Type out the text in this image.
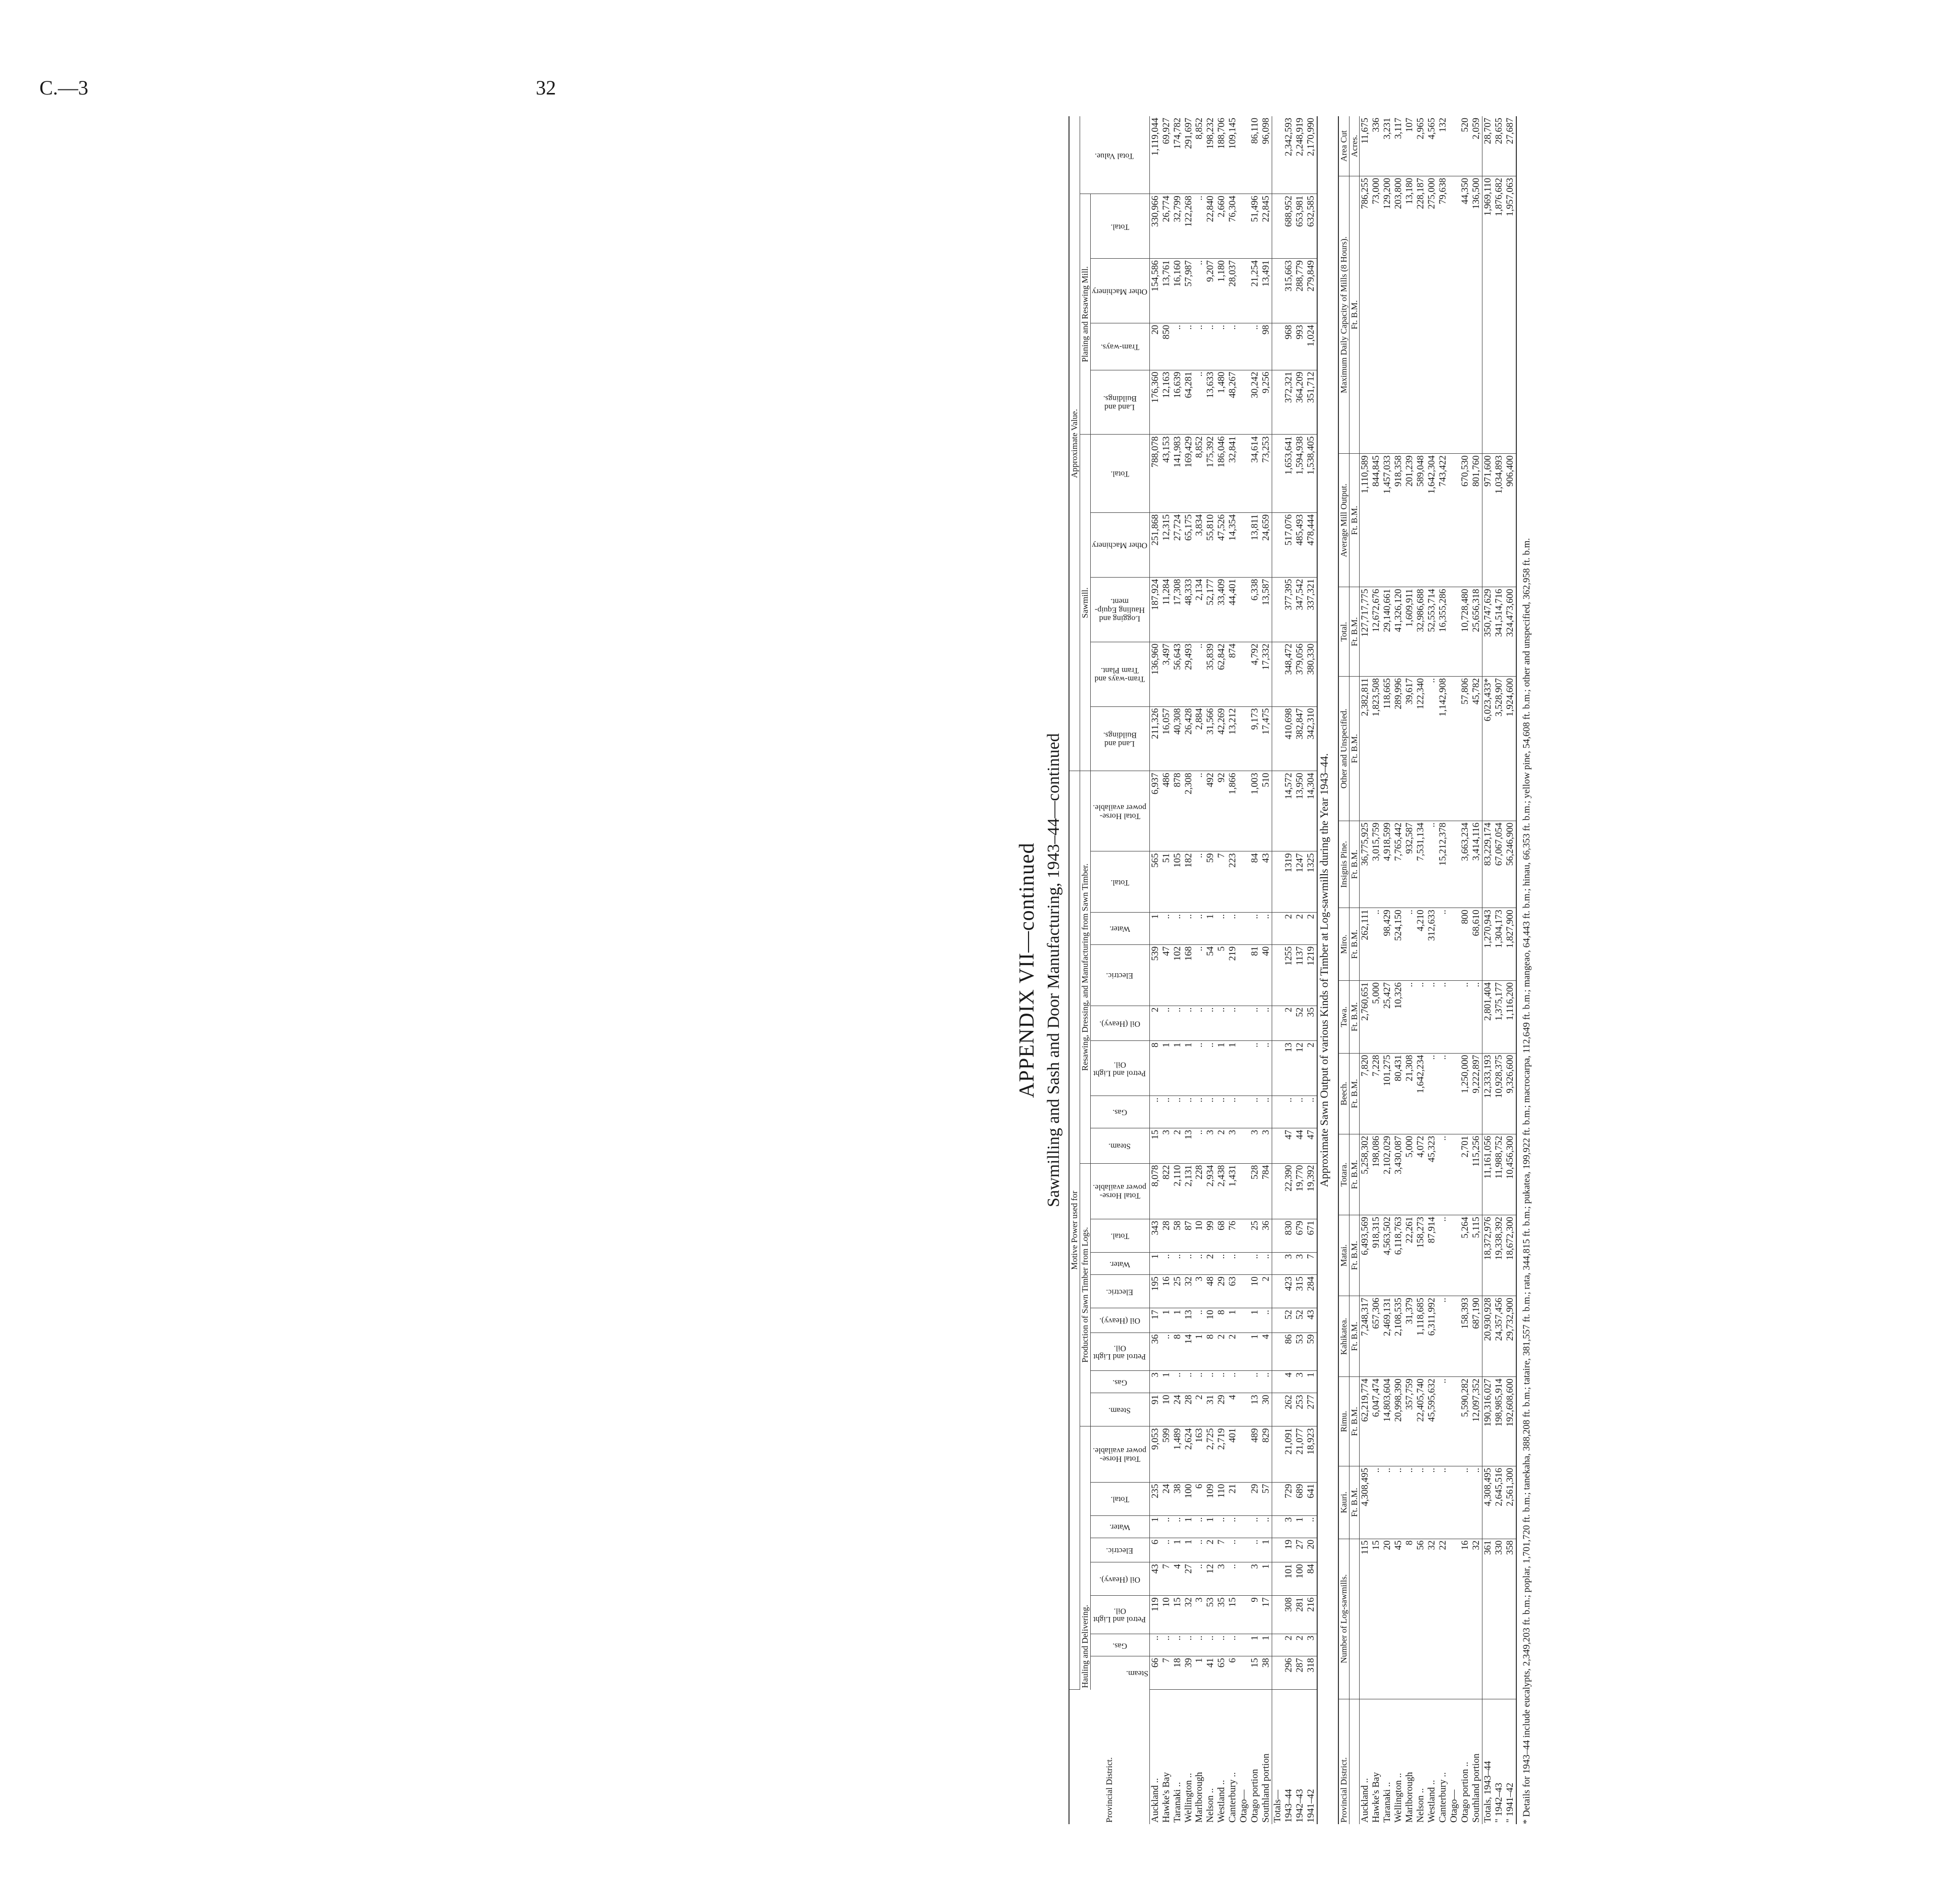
C.—3	32

APPENDIX VII—continued Sawmilling and Sash and Door Manufacturing, 1943–44—continued

Provincial District.	Motive Power used for																								Approximate Value.									
	Hauling and Delivering.								Production of Sawn Timber from Logs.								Resawing, Dressing, and Manufacturing from Sawn Timber.								Sawmill.					Planing and Resawing Mill.				Total Value.
	Steam.	Gas.	Petrol and Light Oil.	Oil (Heavy).	Electric.	Water.	Total.	Total Horse-power available.	Steam.	Gas.	Petrol and Light Oil.	Oil (Heavy).	Electric.	Water.	Total.	Total Horse-power available.	Steam.	Gas.	Petrol and Light Oil.	Oil (Heavy).	Electric.	Water.	Total.	Total Horse-power available.	Land and Buildings.	Tram-ways and Tram Plant.	Logging and Hauling Equip-ment.	Other Machinery	Total.	Land and Buildings.	Tram-ways.	Other Machinery	Total.	
Auckland ..	66	..	119	43	6	1	235	9,053	91	3	36	17	195	1	343	8,078	15	..	8	2	539	1	565	6,937	211,326	136,960	187,924	251,868	788,078	176,360	20	154,586	330,966	1,119,044
Hawke's Bay	7	..	10	7	..	..	24	599	10	1	..	1	16	..	28	822	3	..	1	..	47	..	51	486	16,057	3,497	11,284	12,315	43,153	12,163	850	13,761	26,774	69,927
Taranaki ..	18	..	15	4	1	..	38	1,489	24	..	8	1	25	..	58	2,110	2	..	1	..	102	..	105	878	40,308	56,643	17,308	27,724	141,983	16,639	..	16,160	32,799	174,782
Wellington ..	39	..	32	27	1	1	100	2,624	28	..	14	13	32	..	87	2,131	13	..	1	..	168	..	182	2,308	26,428	29,493	48,333	65,175	169,429	64,281	..	57,987	122,268	291,697
Marlborough	1	..	3	..	..	..	6	163	2	..	1	..	3	..	10	228	..	..	..	..	..	..	..	..	2,884	..	2,134	3,834	8,852	..	..	..	..	8,852
Nelson ..	41	..	53	12	2	1	109	2,725	31	..	8	10	48	2	99	2,934	3	..	..	..	54	1	59	492	31,566	35,839	52,177	55,810	175,392	13,633	..	9,207	22,840	198,232
Westland ..	65	..	35	3	7	..	110	2,719	29	..	2	8	29	..	68	2,438	2	..	1	..	5	..	7	92	42,269	62,842	33,409	47,526	186,046	1,480	..	1,180	2,660	188,706
Canterbury ..	6	..	15	..	..	..	21	401	4	..	2	1	63	..	76	1,431	3	..	1	..	219	..	223	1,866	13,212	874	44,401	14,354	32,841	48,267	..	28,037	76,304	109,145
Otago—																																		
Otago portion	15	1	9	3	..	..	29	489	13	..	1	1	10	..	25	528	3	..	..	..	81	..	84	1,003	9,173	4,792	6,338	13,811	34,614	30,242	..	21,254	51,496	86,110
Southland portion	38	1	17	1	1	..	57	829	30	..	4	..	2	..	36	784	3	..	..	..	40	..	43	510	17,475	17,332	13,587	24,659	73,253	9,256	98	13,491	22,845	96,098
Totals—																																		
1943–44	296	2	308	101	19	3	729	21,091	262	4	86	52	423	3	830	22,390	47	..	13	2	1255	2	1319	14,572	410,698	348,472	377,395	517,076	1,653,641	372,321	968	315,663	688,952	2,342,593
1942–43	287	2	281	100	27	1	689	21,077	253	3	53	52	315	3	679	19,770	44	..	12	52	1137	2	1247	13,950	382,847	379,056	347,542	485,493	1,594,938	364,209	993	288,779	653,981	2,248,919
1941–42	318	3	216	84	20	..	641	18,923	277	1	59	43	284	7	671	19,392	47	..	2	35	1219	2	1325	14,304	342,310	380,330	337,321	478,444	1,538,405	351,712	1,024	279,849	632,585	2,170,990
Approximate Sawn Output of various Kinds of Timber at Log-sawmills during the Year 1943–44.
Provincial District.	Number of Log-sawmills.	Kauri.	Rimu.	Kahikatea.	Matai.	Totara.	Beech.	Tawa.	Miro.	Insignis Pine.	Other and Unspecified.	Total.	Average Mill Output.	Maximum Daily Capacity of Mills (8 Hours).	Area Cut
		Ft. B.M.	Ft. B.M.	Ft. B.M.	Ft. B.M.	Ft. B.M.	Ft. B.M.	Ft. B.M.	Ft. B.M.	Ft. B.M.	Ft. B.M.	Ft. B.M.	Ft. B.M.	Ft. B.M.	Acres.
Auckland ..	115	4,308,495	62,219,774	7,248,317	6,493,569	5,258,302	7,820	2,760,651	262,111	36,775,925	2,382,811	127,717,775	1,110,589	786,255	11,675
Hawke's Bay	15	..	6,047,474	657,306	918,315	198,086	7,228	5,000	..	3,015,759	1,823,508	12,672,676	844,845	73,000	336
Taranaki ..	20	..	14,803,604	2,469,131	4,563,502	2,102,029	101,275	25,427	98,429	4,918,599	118,665	29,140,661	1,457,033	129,200	3,231
Wellington ..	45	..	20,998,390	2,108,535	6,118,763	3,430,087	80,431	10,326	524,150	7,765,442	289,996	41,326,120	918,358	203,800	3,117
Marlborough	8	..	357,759	31,379	22,261	5,000	21,308	..	..	932,587	39,617	1,609,911	201,239	13,180	107
Nelson ..	56	..	22,405,740	1,118,685	158,273	4,072	1,642,234	..	4,210	7,531,134	122,340	32,986,688	589,048	228,187	2,965
Westland ..	32	..	45,595,632	6,311,992	87,914	45,323	..	..	312,633	..	..	52,553,714	1,642,304	275,000	4,565
Canterbury ..	22	..	..	..	..	..	..	..	..	15,212,378	1,142,908	16,355,286	743,422	79,638	132
Otago—															
Otago portion ..	16	..	5,590,282	158,393	5,264	2,701	1,250,000	..	800	3,663,234	57,806	10,728,480	670,530	44,350	520
Southland portion	32	..	12,097,352	687,190	5,115	115,256	9,222,897	..	68,610	3,414,116	45,782	25,656,318	801,760	136,500	2,059
Totals, 1943–44	361	4,308,495	190,316,027	20,930,928	18,372,976	11,161,056	12,333,193	2,801,404	1,270,943	83,229,174	6,023,433*	350,747,629	971,600	1,969,110	28,707
" 1942–43	330	2,645,516	198,985,914	24,357,456	19,338,392	11,988,752	10,928,375	1,375,177	1,304,173	67,067,054	3,528,907	341,514,716	1,034,893	1,876,682	28,655
" 1941–42	358	2,561,300	192,608,600	29,732,900	18,672,300	10,456,300	9,326,600	1,116,200	1,827,900	56,246,900	1,924,600	324,473,600	906,400	1,957,063	27,687
* Details for 1943–44 include eucalypts, 2,349,203 ft. b.m.; poplar, 1,701,720 ft. b.m.; tanekaha, 388,208 ft. b.m.; tataire, 381,557 ft. b.m.; rata, 344,815 ft. b.m.; pukatea, 199,922 ft. b.m.; macrocarpa, 112,649 ft. b.m.; mangeao, 64,443 ft. b.m.; hinau, 66,353 ft. b.m.; yellow pine, 54,608 ft. b.m.; other and unspecified, 362,958 ft. b.m.
